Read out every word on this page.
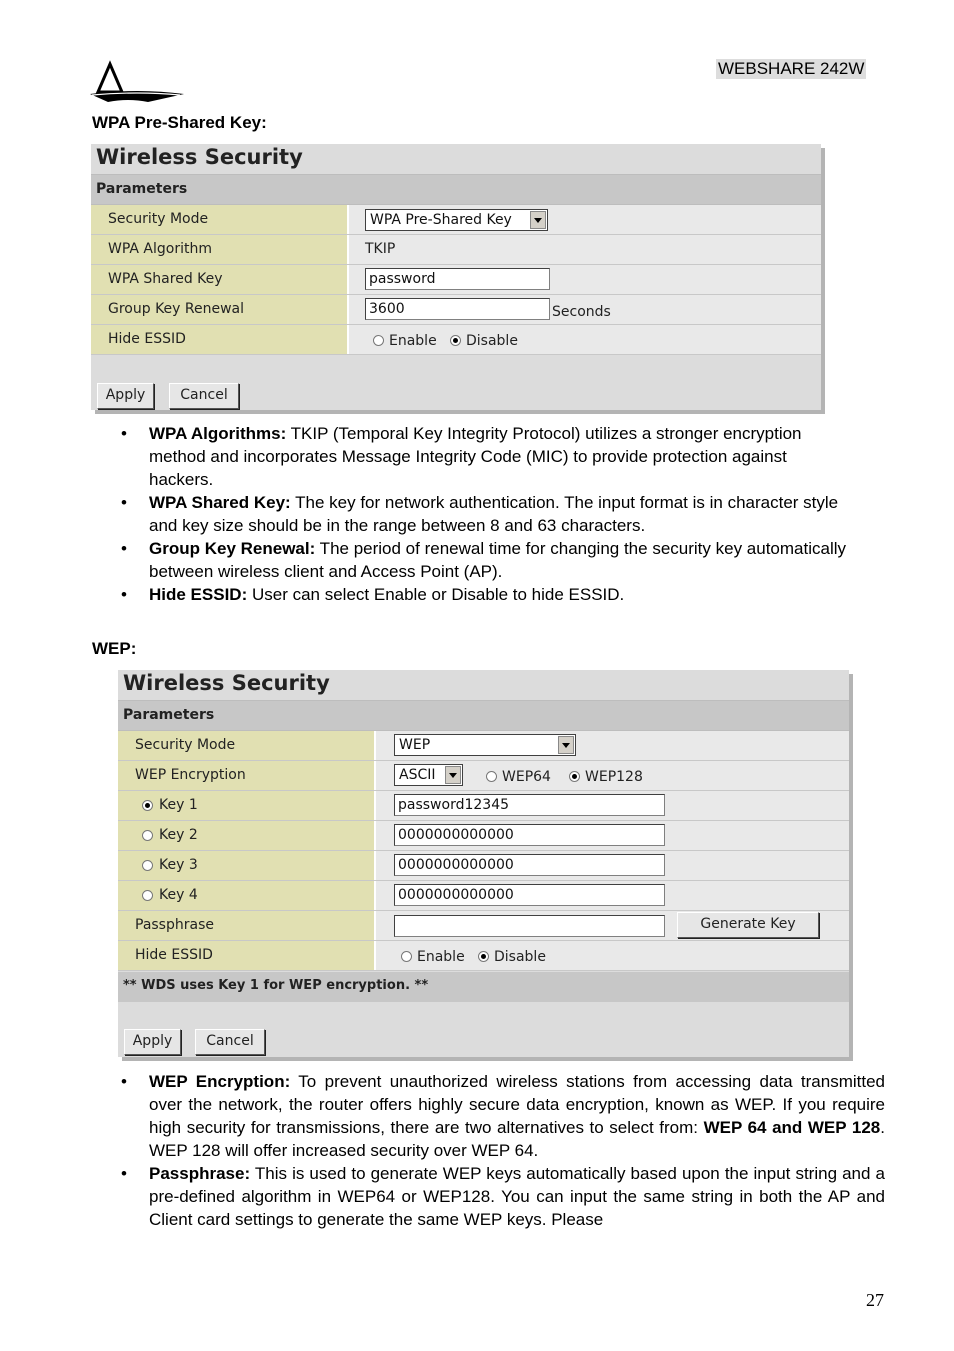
WEBSHARE 242W
WPA Pre-Shared Key:
Wireless Security
Parameters
Security Mode	WPA Pre-Shared Key
WPA Algorithm	TKIP
WPA Shared Key	password
Group Key Renewal	3600	Seconds
Hide ESSID	Enable Disable
Apply	Cancel
• WPA Algorithms: TKIP (Temporal Key Integrity Protocol) utilizes a stronger encryption method and incorporates Message Integrity Code (MIC) to provide protection against hackers.
• WPA Shared Key: The key for network authentication. The input format is in character style and key size should be in the range between 8 and 63 characters.
• Group Key Renewal: The period of renewal time for changing the security key automatically between wireless client and Access Point (AP).
• Hide ESSID: User can select Enable or Disable to hide ESSID.
WEP:
Wireless Security
Parameters
Security Mode	WEP
WEP Encryption	ASCII	WEP64 WEP128
Key 1	password12345
Key 2	0000000000000
Key 3	0000000000000
Key 4	0000000000000
Passphrase	Generate Key
Hide ESSID	Enable Disable
** WDS uses Key 1 for WEP encryption. **
Apply	Cancel
• WEP Encryption: To prevent unauthorized wireless stations from accessing data transmitted over the network, the router offers highly secure data encryption, known as WEP. If you require high security for transmissions, there are two alternatives to select from: WEP 64 and WEP 128. WEP 128 will offer increased security over WEP 64.
• Passphrase: This is used to generate WEP keys automatically based upon the input string and a pre-defined algorithm in WEP64 or WEP128. You can input the same string in both the AP and Client card settings to generate the same WEP keys. Please
27
